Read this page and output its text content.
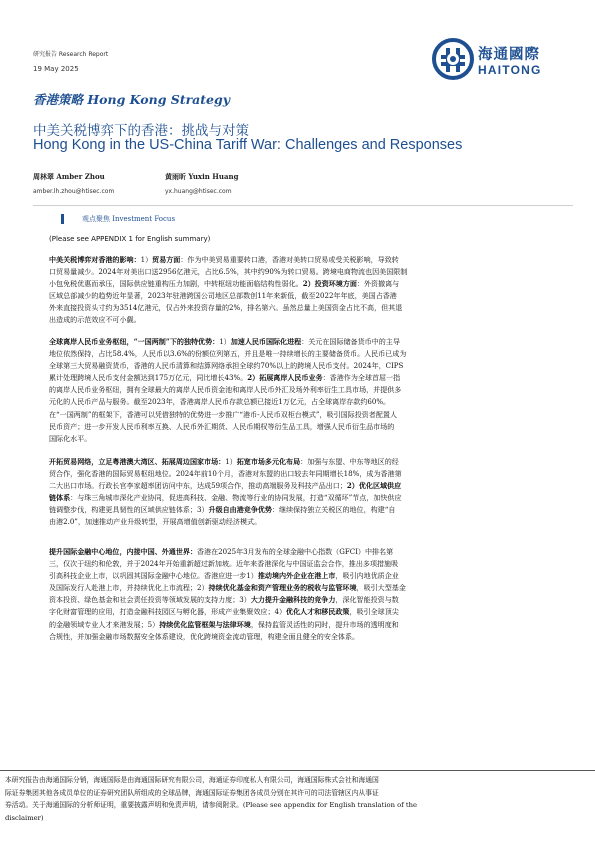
研究报告 Research Report
19 May 2025
海通國際
HAITONG
香港策略 Hong Kong Strategy
中美关税博弈下的香港：挑战与对策
Hong Kong in the US-China Tariff War: Challenges and Responses
周林翠 Amber Zhou
amber.lh.zhou@htisec.com
黄雨昕 Yuxin Huang
yx.huang@htisec.com
观点聚焦 Investment Focus
(Please see APPENDIX 1 for English summary)
中美关税博弈对香港的影响：1）贸易方面：作为中美贸易重要转口港，香港对美转口贸易或受关税影响，导致转
口贸易量减少。2024年对美出口送2956亿港元，占比6.5%，其中约90%为转口贸易。跨境电商物流也因美国限制
小包免税优惠而承压，国际供应链重构压力加剧，中转枢纽功能面临结构性弱化。2）投资环境方面：外资撤离与
区域总部减少的趋势近年显著，2023年驻港跨国公司地区总部数创11年来新低，截至2022年年底，美国占香港
外来直接投资头寸约为3514亿港元，仅占外来投资存量的2%，排名第六。虽然总量上美国资金占比不高，但其退
出造成的示范效应不可小觑。
全球离岸人民币业务枢纽，“一国两制”下的独特优势：1）加速人民币国际化进程：关元在国际储备货币中的主导
地位依然保持，占比58.4%，人民币以3.6%的份额位列第五，并且是唯一持续增长的主要储备货币。人民币已成为
全球第三大贸易融资货币，香港的人民币清算和结算网络承担全球约70%以上的跨境人民币支付。2024年，CIPS
累计处理跨境人民币支付金额达到175万亿元，同比增长43%。2）拓展离岸人民币业务：香港作为全球首屈一指
的离岸人民币业务枢纽，拥有全球最大的离岸人民币资金池和离岸人民币外汇及场外利率衍生工具市场，并提供多
元化的人民币产品与服务。截至2023年，香港离岸人民币存款总额已接近1万亿元，占全球离岸存款约60%。
在“一国两制”的框架下，香港可以凭借独特的优势进一步推广“港币-人民币双柜台模式”，吸引国际投资者配置人
民币资产；进一步开发人民币利率互换、人民币外汇期货、人民币期权等衍生品工具，增强人民币衍生品市场的
国际化水平。
开拓贸易网络，立足粤港澳大湾区、拓展周边国家市场：1）拓宽市场多元化布局：加强与东盟、中东等地区的经
贸合作，强化香港的国际贸易枢纽地位。2024年前10个月，香港对东盟的出口较去年同期增长18%，成为香港第
二大出口市场。行政长官李家超率团访问中东，达成59项合作，推动高端服务及科技产品出口；2）优化区域供应
链体系：与珠三角城市深化产业协同，促进高科技、金融、物流等行业的协同发展，打造“双循环”节点，加快供应
链调整步伐，构建更具韧性的区域供应链体系；3）升级自由港竞争优势：继续保持独立关税区的地位，构建“自
由港2.0”，加速推动产业升级转型，开展高增值创新驱动经济模式。
提升国际金融中心地位，内接中国、外通世界：香港在2025年3月发布的全球金融中心指数（GFCI）中排名第
三，仅次于纽约和伦敦，并于2024年开始重新超过新加坡。近年来香港深化与中国证监会合作，推出多项措施吸
引高科技企业上市，以巩固其国际金融中心地位。香港应进一步1）推动境内外企业在港上市，吸引内地优质企业
及国际发行人赴港上市，并持续优化上市流程；2）持续优化基金和资产管理业务的税收与监管环境，吸引大型基金
资本投资、绿色基金和社会责任投资等领域发展的支持力度；3）大力提升金融科技的竞争力，深化智能投资与数
字化财富管理的应用，打造金融科技园区与孵化器，形成产业集聚效应；4）优化人才和移民政策，吸引全球顶尖
的金融领域专业人才来港发展；5）持续优化监管框架与法律环境，保持监管灵活性的同时，提升市场的透明度和
合规性，并加强金融市场数据安全体系建设，优化跨境资金流动管理，构建全面且健全的安全体系。
本研究报告由海通国际分销，海通国际是由海通国际研究有限公司，海通证券印度私人有限公司，海通国际株式会社和海通国
际证券集团其他各成员单位的证券研究团队所组成的全球品牌，海通国际证券集团各成员分别在其许可的司法管辖区内从事证
券活动。关于海通国际的分析师证明，重要披露声明和免责声明，请参阅附录。(Please see appendix for English translation of the
disclaimer)
